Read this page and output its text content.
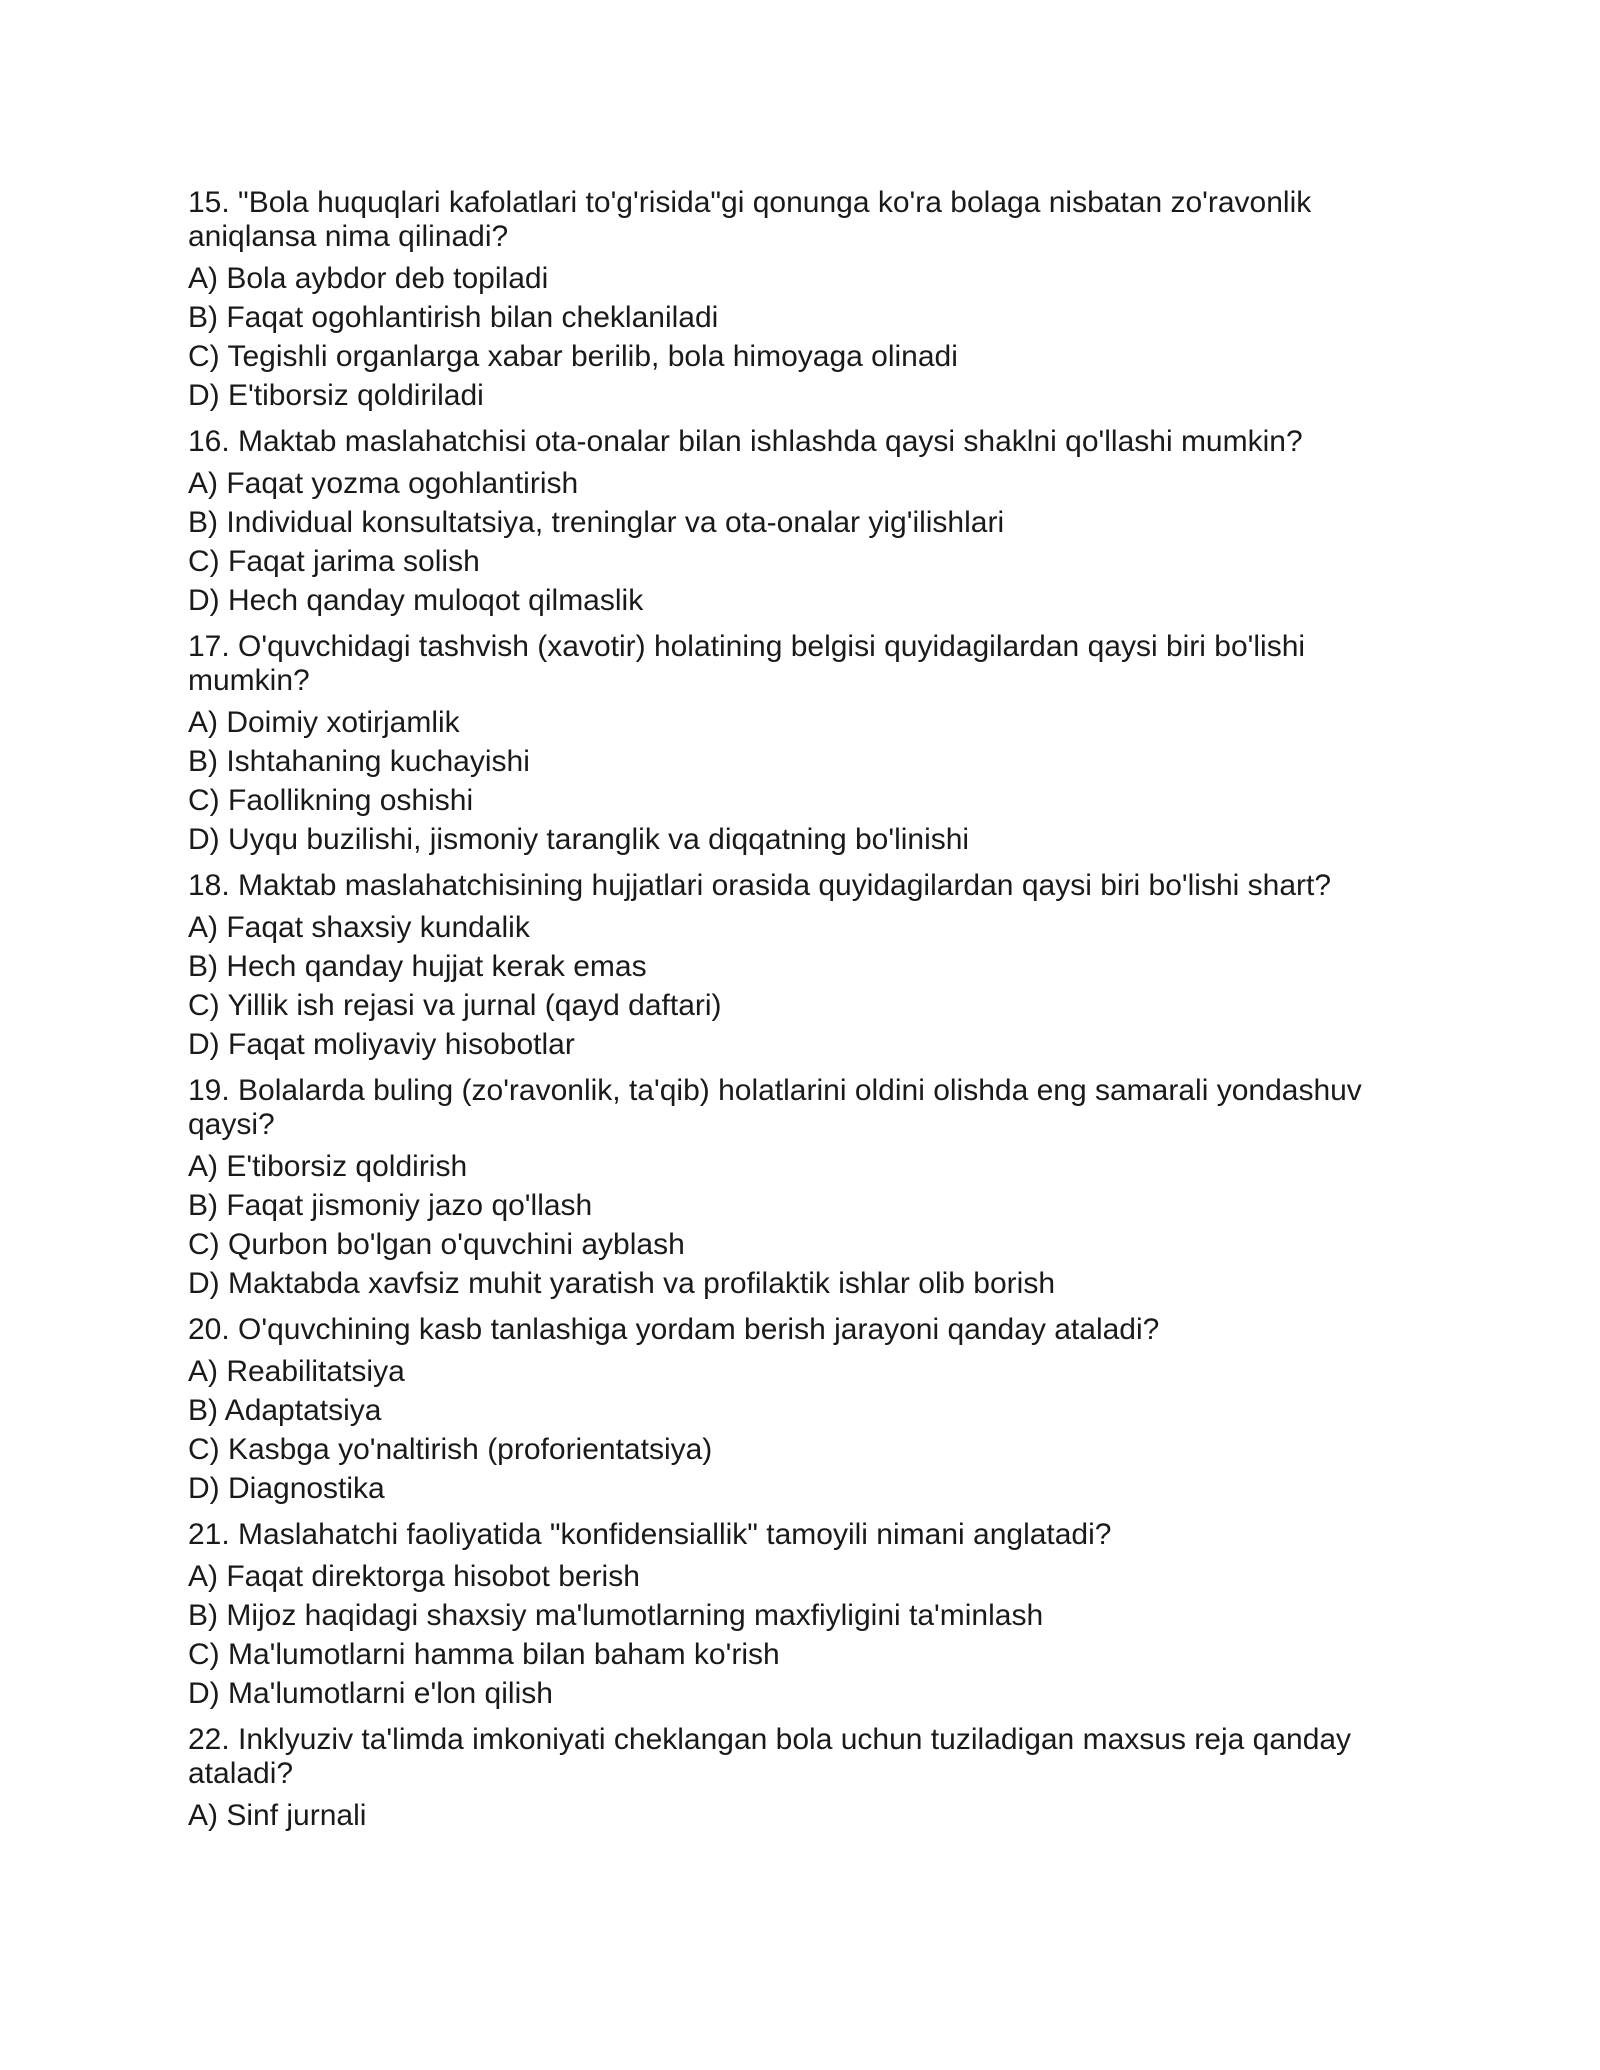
15. "Bola huquqlari kafolatlari to'g'risida"gi qonunga ko'ra bolaga nisbatan zo'ravonlik aniqlansa nima qilinadi?

A) Bola aybdor deb topiladi
B) Faqat ogohlantirish bilan cheklaniladi
C) Tegishli organlarga xabar berilib, bola himoyaga olinadi
D) E'tiborsiz qoldiriladi

16. Maktab maslahatchisi ota-onalar bilan ishlashda qaysi shaklni qo'llashi mumkin?

A) Faqat yozma ogohlantirish
B) Individual konsultatsiya, treninglar va ota-onalar yig'ilishlari
C) Faqat jarima solish
D) Hech qanday muloqot qilmaslik

17. O'quvchidagi tashvish (xavotir) holatining belgisi quyidagilardan qaysi biri bo'lishi mumkin?

A) Doimiy xotirjamlik
B) Ishtahaning kuchayishi
C) Faollikning oshishi
D) Uyqu buzilishi, jismoniy taranglik va diqqatning bo'linishi

18. Maktab maslahatchisining hujjatlari orasida quyidagilardan qaysi biri bo'lishi shart?

A) Faqat shaxsiy kundalik
B) Hech qanday hujjat kerak emas
C) Yillik ish rejasi va jurnal (qayd daftari)
D) Faqat moliyaviy hisobotlar

19. Bolalarda buling (zo'ravonlik, ta'qib) holatlarini oldini olishda eng samarali yondashuv qaysi?

A) E'tiborsiz qoldirish
B) Faqat jismoniy jazo qo'llash
C) Qurbon bo'lgan o'quvchini ayblash
D) Maktabda xavfsiz muhit yaratish va profilaktik ishlar olib borish

20. O'quvchining kasb tanlashiga yordam berish jarayoni qanday ataladi?

A) Reabilitatsiya
B) Adaptatsiya
C) Kasbga yo'naltirish (proforientatsiya)
D) Diagnostika

21. Maslahatchi faoliyatida "konfidensiallik" tamoyili nimani anglatadi?

A) Faqat direktorga hisobot berish
B) Mijoz haqidagi shaxsiy ma'lumotlarning maxfiyligini ta'minlash
C) Ma'lumotlarni hamma bilan baham ko'rish
D) Ma'lumotlarni e'lon qilish

22. Inklyuziv ta'limda imkoniyati cheklangan bola uchun tuziladigan maxsus reja qanday ataladi?

A) Sinf jurnali
